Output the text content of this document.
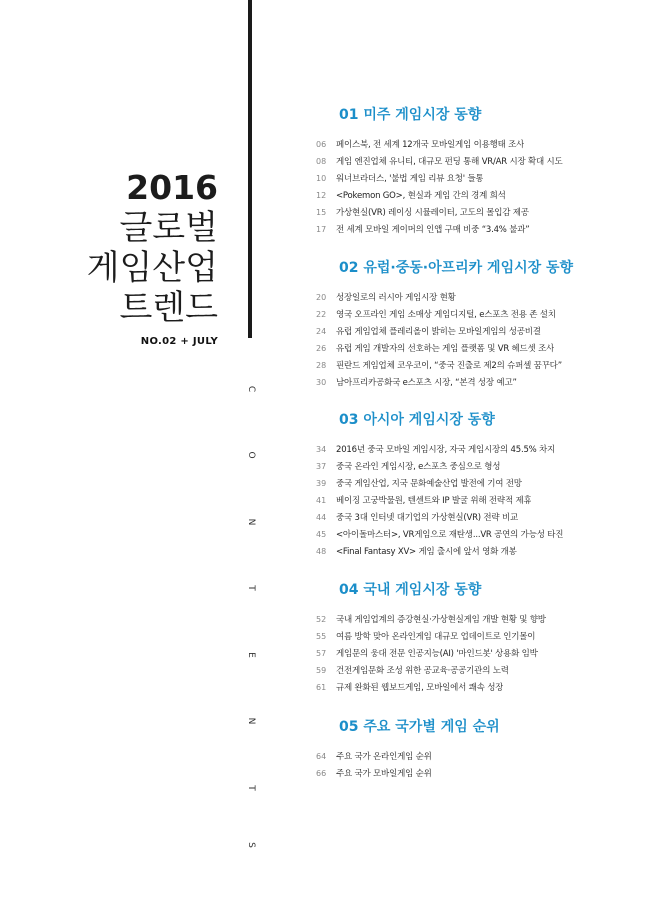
2016
글로벌
게임산업
트렌드
NO.02 + JULY
C
O
N
T
E
N
T
S
01 미주 게임시장 동향
06	페이스북, 전 세계 12개국 모바일게임 이용행태 조사
08	게임 엔진업체 유니티, 대규모 펀딩 통해 VR/AR 시장 확대 시도
10	워너브라더스, '불법 게임 리뷰 요청' 들통
12	<Pokemon GO>, 현실과 게임 간의 경계 희석
15	가상현실(VR) 레이싱 시뮬레이터, 고도의 몰입감 제공
17	전 세계 모바일 게이머의 인앱 구매 비중 “3.4% 불과”
02 유럽·중동·아프리카 게임시장 동향
20	성장일로의 러시아 게임시장 현황
22	영국 오프라인 게임 소매상 게임디지털, e스포츠 전용 존 설치
24	유럽 게임업체 플레리올이 밝히는 모바일게임의 성공비결
26	유럽 게임 개발자의 선호하는 게임 플랫폼 및 VR 헤드셋 조사
28	핀란드 게임업체 코우코이, “중국 진출로 제2의 슈퍼셀 꿈꾸다”
30	남아프리카공화국 e스포츠 시장, “본격 성장 예고”
03 아시아 게임시장 동향
34	2016년 중국 모바일 게임시장, 자국 게임시장의 45.5% 차지
37	중국 온라인 게임시장, e스포츠 중심으로 형성
39	중국 게임산업, 지국 문화예술산업 발전에 기여 전망
41	베이징 고궁박물원, 텐센트와 IP 발굴 위해 전략적 제휴
44	중국 3대 인터넷 대기업의 가상현실(VR) 전략 비교
45	<아이돌마스터>, VR게임으로 재탄생...VR 공연의 가능성 타진
48	<Final Fantasy XV> 게임 출시에 앞서 영화 개봉
04 국내 게임시장 동향
52	국내 게임업계의 증강현실·가상현실게임 개발 현황 및 향방
55	여름 방학 맞아 온라인게임 대규모 업데이트로 인기몰이
57	게임문의 웅대 전문 인공지능(AI) '마인드봇' 상용화 임박
59	건전게임문화 조성 위한 공교육·공공기관의 노력
61	규제 완화된 웹보드게임, 모바일에서 쾌속 성장
05 주요 국가별 게임 순위
64	주요 국가 온라인게임 순위
66	주요 국가 모바일게임 순위
